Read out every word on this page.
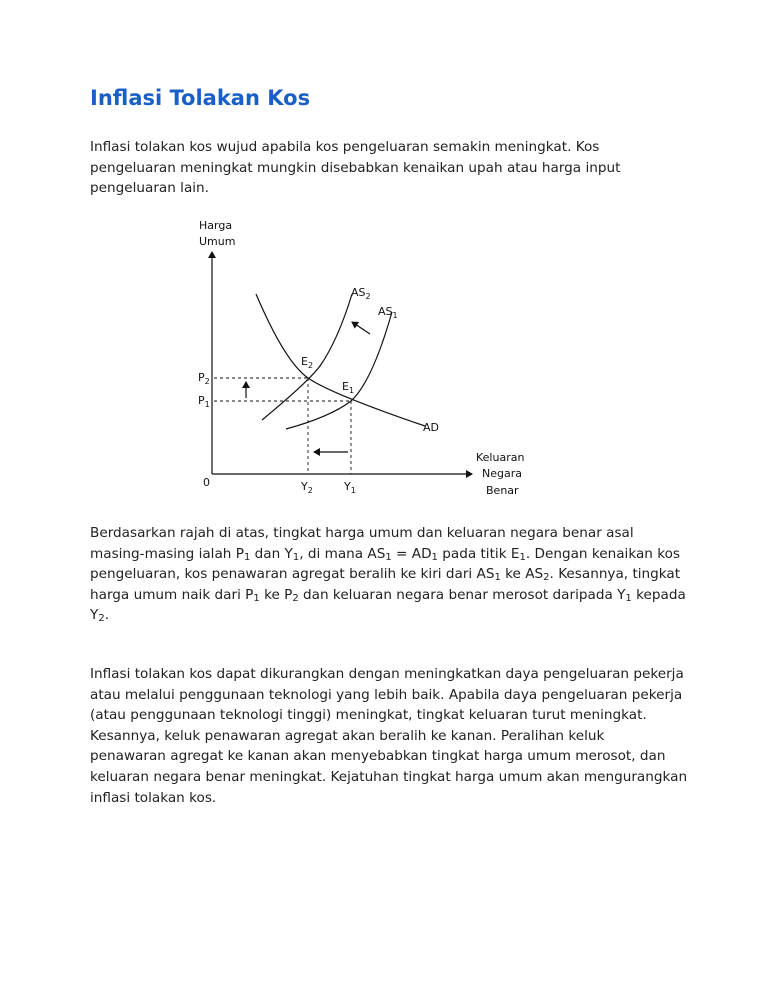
Inflasi Tolakan Kos

Inflasi tolakan kos wujud apabila kos pengeluaran semakin meningkat. Kos
pengeluaran meningkat mungkin disebabkan kenaikan upah atau harga input
pengeluaran lain.

Harga
Umum
Keluaran
Negara
Benar
0
$AS_2$
$AS_1$
AD
$E_2$
$E_1$
$P_2$
$P_1$
$Y_2$	$Y_1$

Berdasarkan rajah di atas, tingkat harga umum dan keluaran negara benar asal
masing-masing ialah $P_1$ dan $Y_1$, di mana $AS_1 = AD_1$ pada titik $E_1$. Dengan kenaikan kos
pengeluaran, kos penawaran agregat beralih ke kiri dari $AS_1$ ke $AS_2$. Kesannya, tingkat
harga umum naik dari $P_1$ ke $P_2$ dan keluaran negara benar merosot daripada $Y_1$ kepada
$Y_2$.

Inflasi tolakan kos dapat dikurangkan dengan meningkatkan daya pengeluaran pekerja
atau melalui penggunaan teknologi yang lebih baik. Apabila daya pengeluaran pekerja
(atau penggunaan teknologi tinggi) meningkat, tingkat keluaran turut meningkat.
Kesannya, keluk penawaran agregat akan beralih ke kanan. Peralihan keluk
penawaran agregat ke kanan akan menyebabkan tingkat harga umum merosot, dan
keluaran negara benar meningkat. Kejatuhan tingkat harga umum akan mengurangkan
inflasi tolakan kos.
